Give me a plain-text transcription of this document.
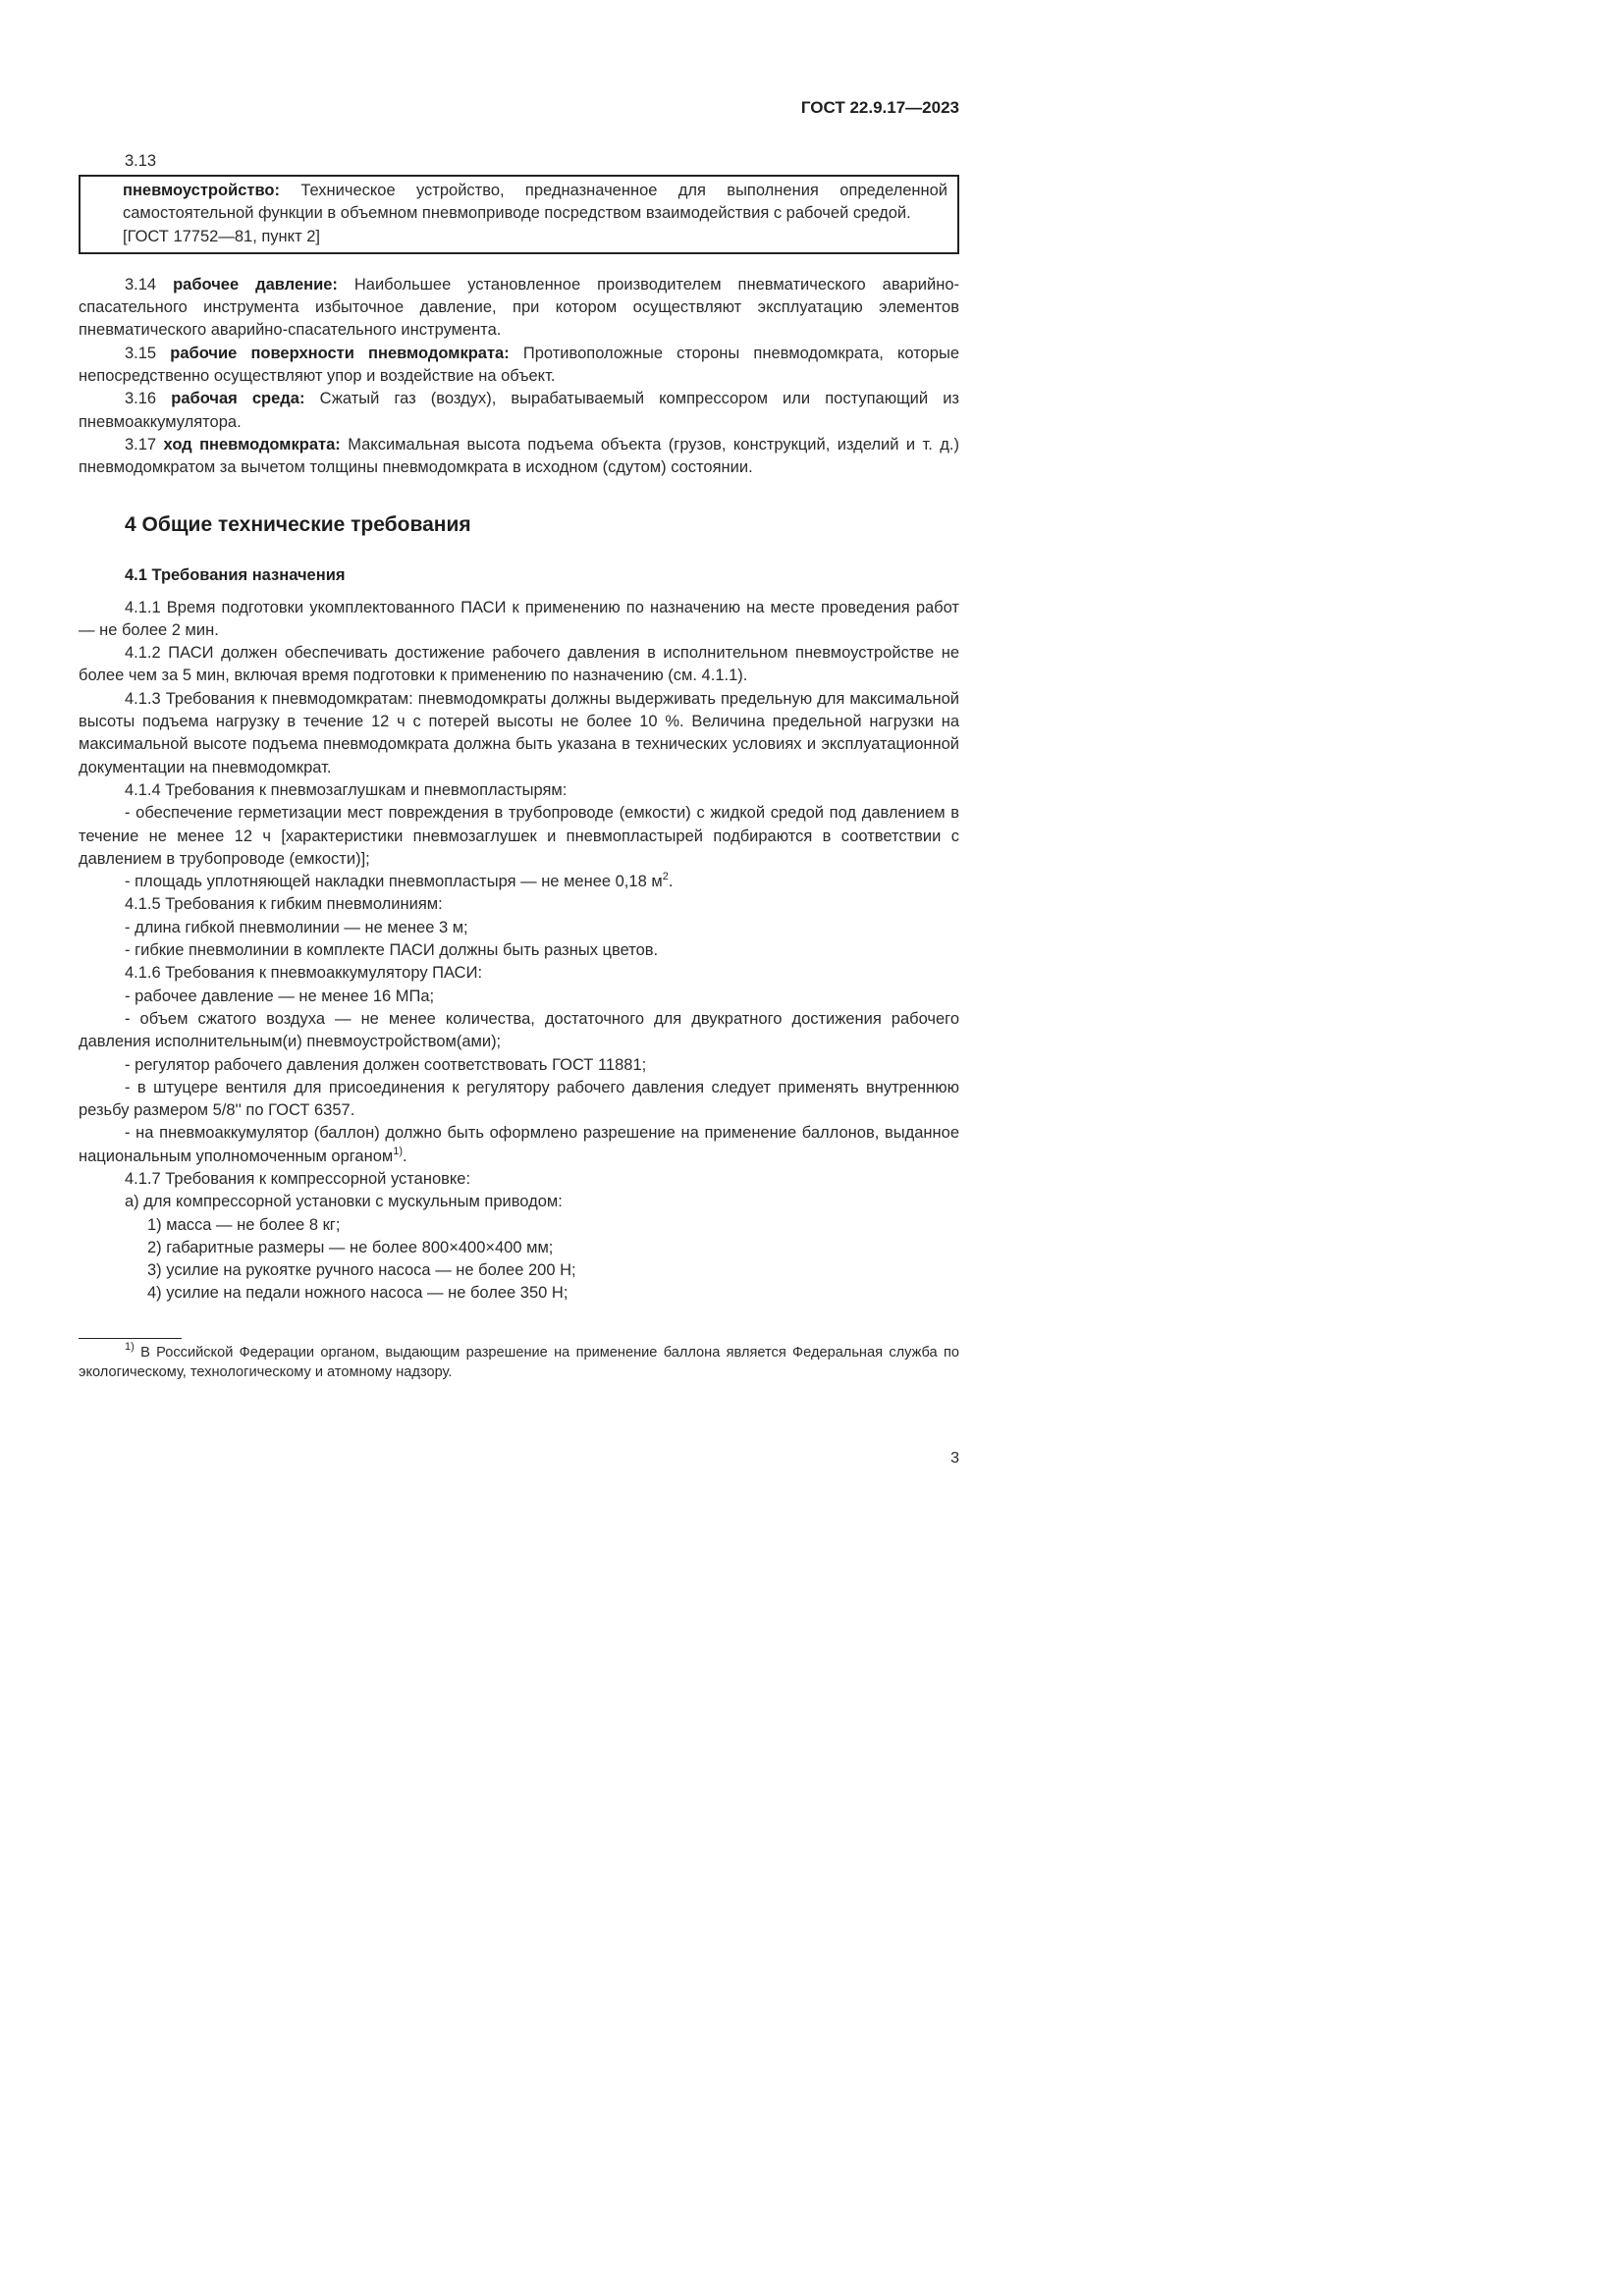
ГОСТ 22.9.17—2023

3.13

пневмоустройство: Техническое устройство, предназначенное для выполнения определенной самостоятельной функции в объемном пневмоприводе посредством взаимодействия с рабочей средой.

[ГОСТ 17752—81, пункт 2]

3.14 рабочее давление: Наибольшее установленное производителем пневматического аварийно-спасательного инструмента избыточное давление, при котором осуществляют эксплуатацию элементов пневматического аварийно-спасательного инструмента.

3.15 рабочие поверхности пневмодомкрата: Противоположные стороны пневмодомкрата, которые непосредственно осуществляют упор и воздействие на объект.

3.16 рабочая среда: Сжатый газ (воздух), вырабатываемый компрессором или поступающий из пневмоаккумулятора.

3.17 ход пневмодомкрата: Максимальная высота подъема объекта (грузов, конструкций, изделий и т. д.) пневмодомкратом за вычетом толщины пневмодомкрата в исходном (сдутом) состоянии.

4 Общие технические требования
4.1 Требования назначения

4.1.1 Время подготовки укомплектованного ПАСИ к применению по назначению на месте проведения работ — не более 2 мин.

4.1.2 ПАСИ должен обеспечивать достижение рабочего давления в исполнительном пневмоустройстве не более чем за 5 мин, включая время подготовки к применению по назначению (см. 4.1.1).

4.1.3 Требования к пневмодомкратам: пневмодомкраты должны выдерживать предельную для максимальной высоты подъема нагрузку в течение 12 ч с потерей высоты не более 10 %. Величина предельной нагрузки на максимальной высоте подъема пневмодомкрата должна быть указана в технических условиях и эксплуатационной документации на пневмодомкрат.

4.1.4 Требования к пневмозаглушкам и пневмопластырям:

- обеспечение герметизации мест повреждения в трубопроводе (емкости) с жидкой средой под давлением в течение не менее 12 ч [характеристики пневмозаглушек и пневмопластырей подбираются в соответствии с давлением в трубопроводе (емкости)];

- площадь уплотняющей накладки пневмопластыря — не менее 0,18 $м^2$.

4.1.5 Требования к гибким пневмолиниям:

- длина гибкой пневмолинии — не менее 3 м;

- гибкие пневмолинии в комплекте ПАСИ должны быть разных цветов.

4.1.6 Требования к пневмоаккумулятору ПАСИ:

- рабочее давление — не менее 16 МПа;

- объем сжатого воздуха — не менее количества, достаточного для двукратного достижения рабочего давления исполнительным(и) пневмоустройством(ами);

- регулятор рабочего давления должен соответствовать ГОСТ 11881;

- в штуцере вентиля для присоединения к регулятору рабочего давления следует применять внутреннюю резьбу размером 5/8'' по ГОСТ 6357.

- на пневмоаккумулятор (баллон) должно быть оформлено разрешение на применение баллонов, выданное национальным уполномоченным органом$^{1)}$.

4.1.7 Требования к компрессорной установке:

а) для компрессорной установки с мускульным приводом:

1) масса — не более 8 кг;

2) габаритные размеры — не более 800×400×400 мм;

3) усилие на рукоятке ручного насоса — не более 200 Н;

4) усилие на педали ножного насоса — не более 350 Н;

$^{1)}$ В Российской Федерации органом, выдающим разрешение на применение баллона является Федеральная служба по экологическому, технологическому и атомному надзору.

3
